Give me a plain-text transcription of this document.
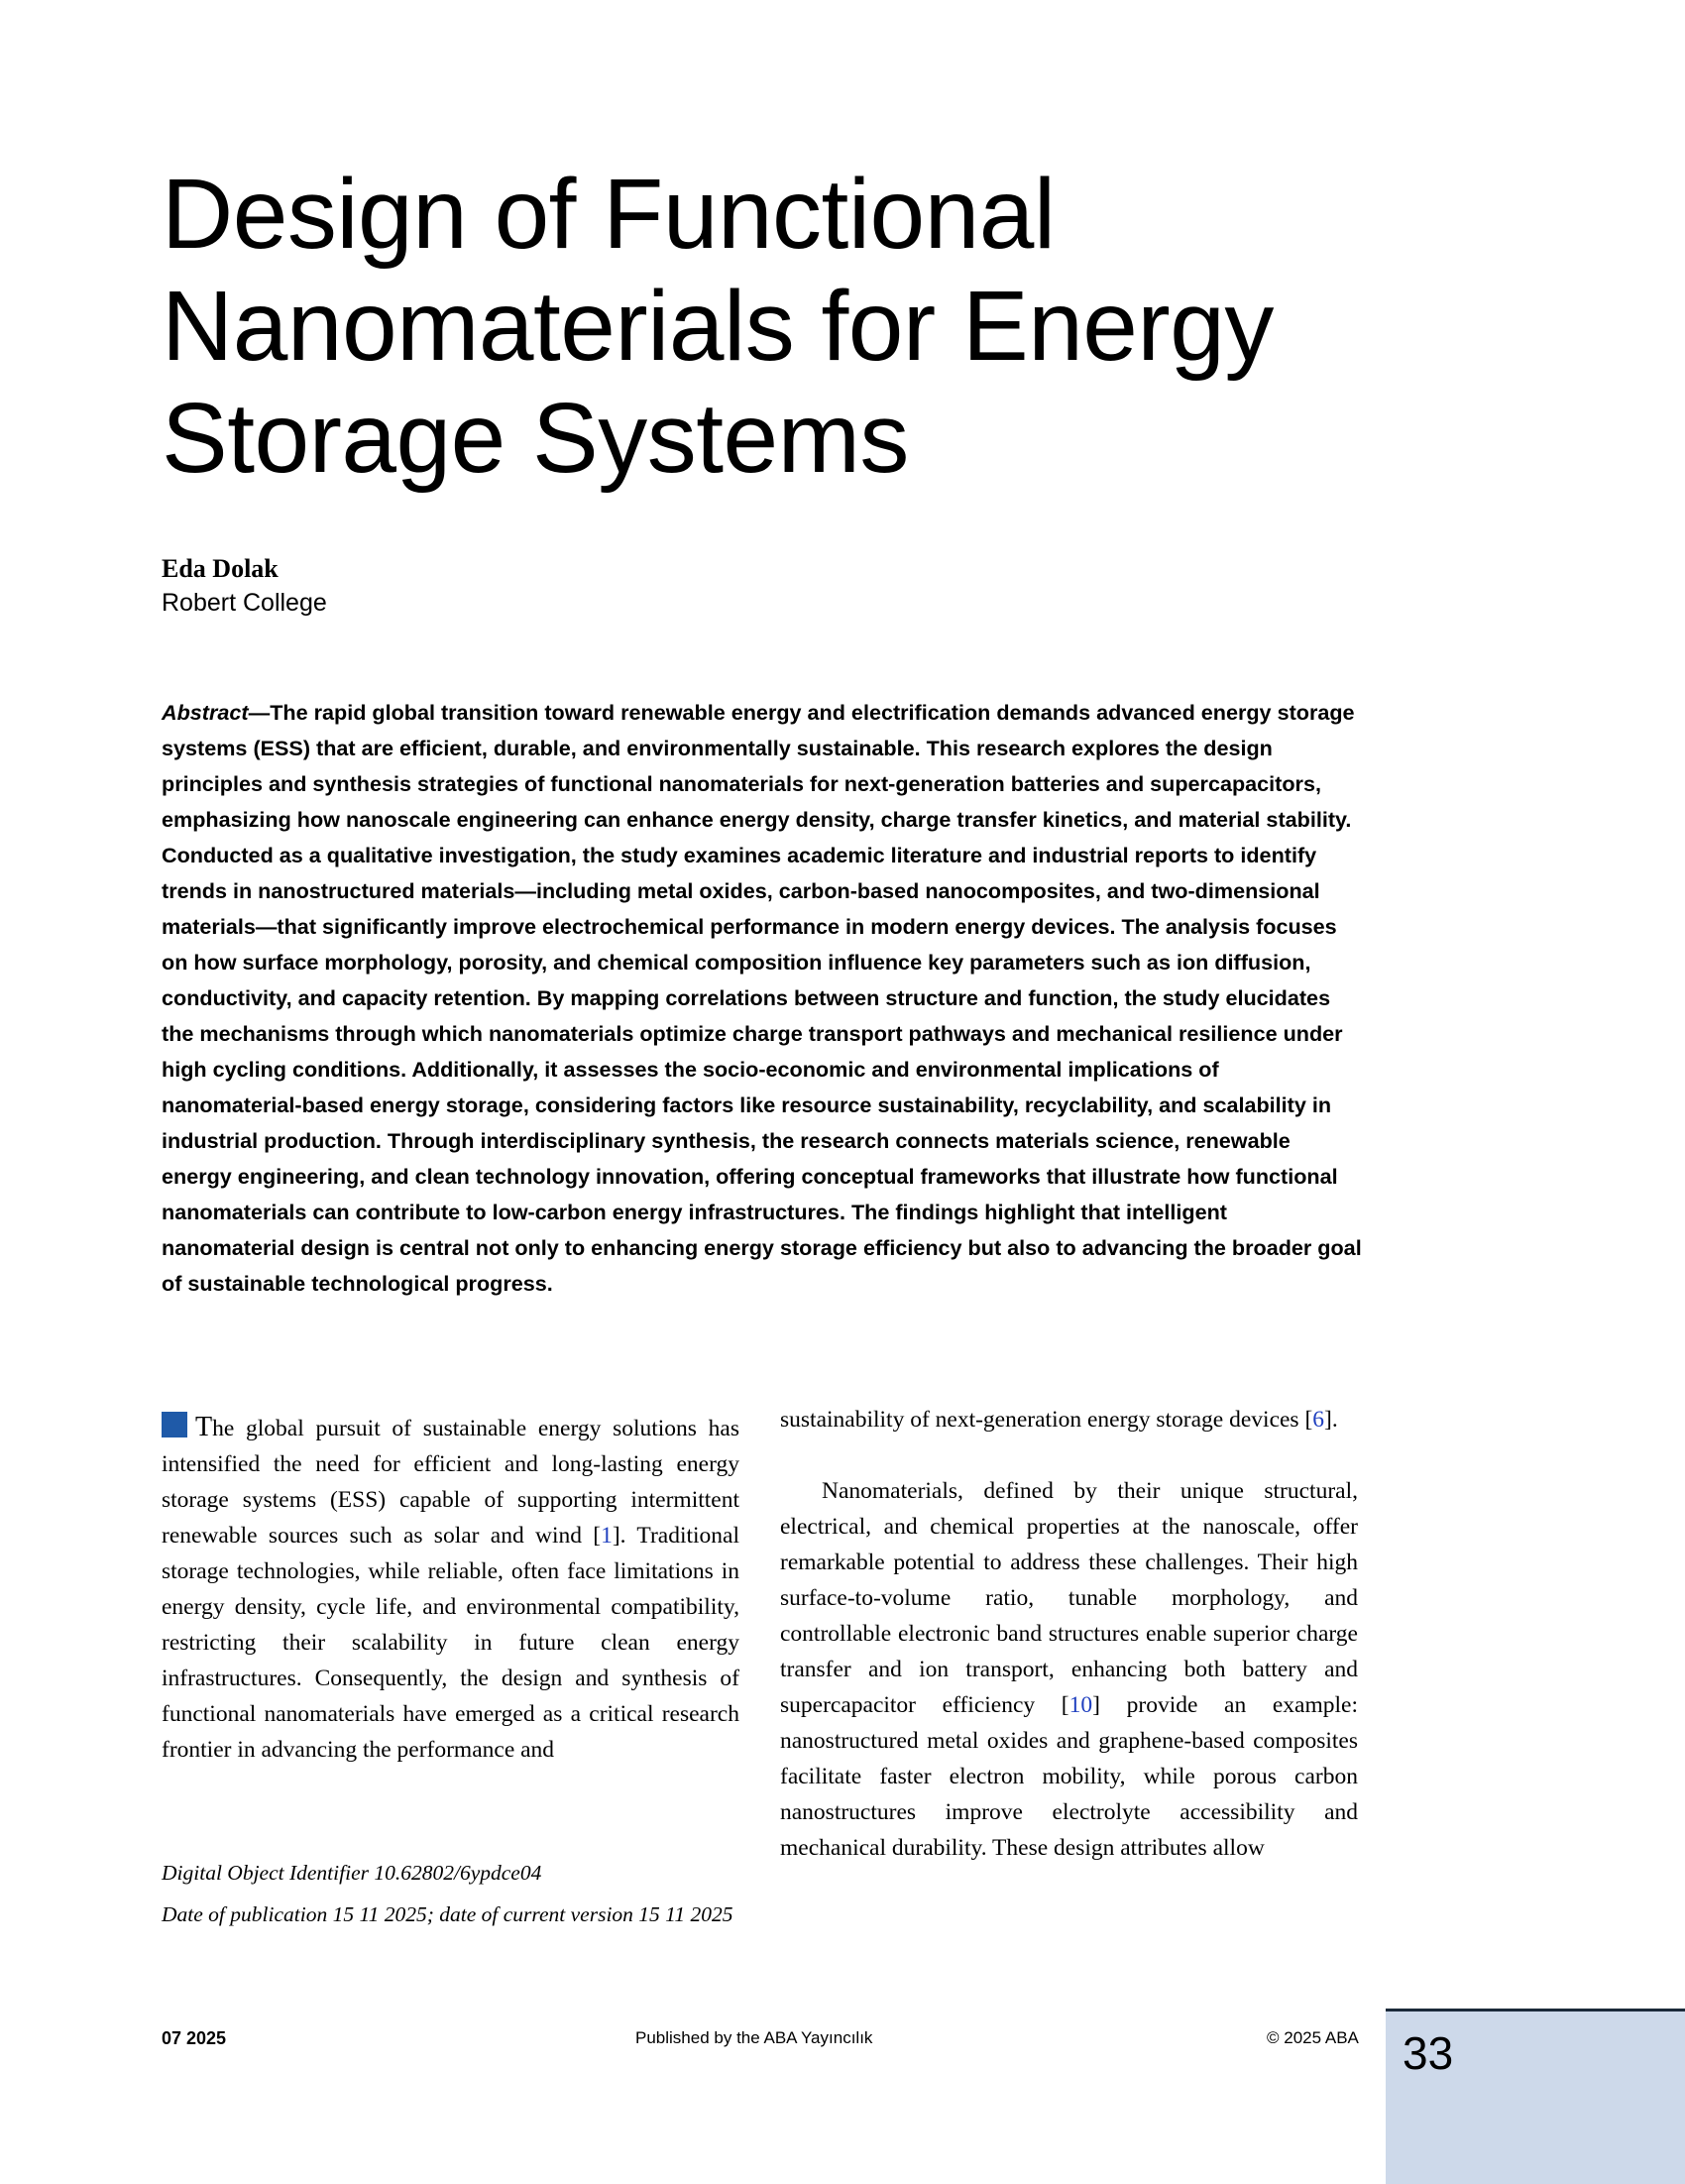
Design of Functional Nanomaterials for Energy Storage Systems
Eda Dolak
Robert College

Abstract—The rapid global transition toward renewable energy and electrification demands advanced energy storage systems (ESS) that are efficient, durable, and environmentally sustainable. This research explores the design principles and synthesis strategies of functional nanomaterials for next-generation batteries and supercapacitors, emphasizing how nanoscale engineering can enhance energy density, charge transfer kinetics, and material stability. Conducted as a qualitative investigation, the study examines academic literature and industrial reports to identify trends in nanostructured materials—including metal oxides, carbon-based nanocomposites, and two-dimensional materials—that significantly improve electrochemical performance in modern energy devices. The analysis focuses on how surface morphology, porosity, and chemical composition influence key parameters such as ion diffusion, conductivity, and capacity retention. By mapping correlations between structure and function, the study elucidates the mechanisms through which nanomaterials optimize charge transport pathways and mechanical resilience under high cycling conditions. Additionally, it assesses the socio-economic and environmental implications of nanomaterial-based energy storage, considering factors like resource sustainability, recyclability, and scalability in industrial production. Through interdisciplinary synthesis, the research connects materials science, renewable energy engineering, and clean technology innovation, offering conceptual frameworks that illustrate how functional nanomaterials can contribute to low-carbon energy infrastructures. The findings highlight that intelligent nanomaterial design is central not only to enhancing energy storage efficiency but also to advancing the broader goal of sustainable technological progress.

The global pursuit of sustainable energy solutions has intensified the need for efficient and long-lasting energy storage systems (ESS) capable of supporting intermittent renewable sources such as solar and wind [1]. Traditional storage technologies, while reliable, often face limitations in energy density, cycle life, and environmental compatibility, restricting their scalability in future clean energy infrastructures. Consequently, the design and synthesis of functional nanomaterials have emerged as a critical research frontier in advancing the performance and

Digital Object Identifier 10.62802/6ypdce04

Date of publication 15 11 2025; date of current version 15 11 2025

sustainability of next-generation energy storage devices [6].

Nanomaterials, defined by their unique structural, electrical, and chemical properties at the nanoscale, offer remarkable potential to address these challenges. Their high surface-to-volume ratio, tunable morphology, and controllable electronic band structures enable superior charge transfer and ion transport, enhancing both battery and supercapacitor efficiency [10] provide an example: nanostructured metal oxides and graphene-based composites facilitate faster electron mobility, while porous carbon nanostructures improve electrolyte accessibility and mechanical durability. These design attributes allow

07 2025	Published by the ABA Yayıncılık	© 2025 ABA 33
